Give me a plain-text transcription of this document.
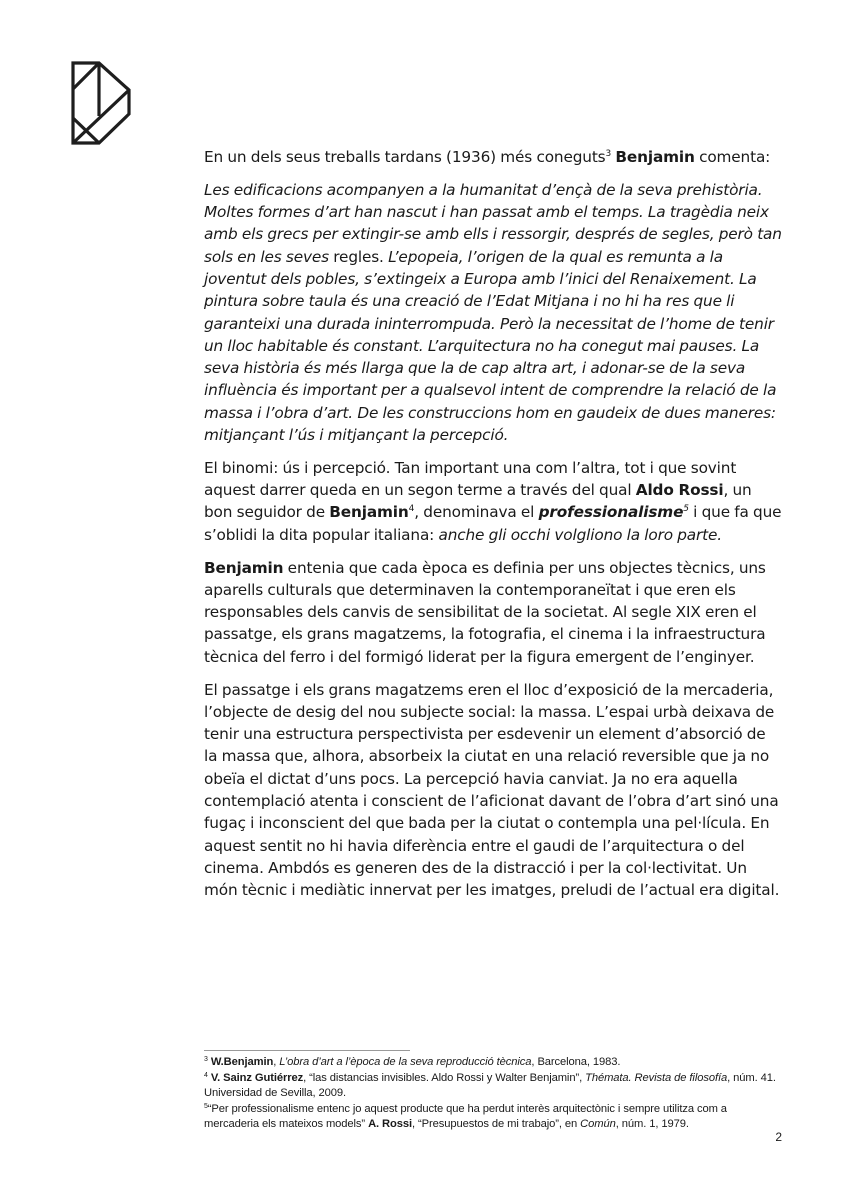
En un dels seus treballs tardans (1936) més coneguts$^3$ Benjamin comenta:

Les edificacions acompanyen a la humanitat d’ençà de la seva prehistòria. Moltes formes d’art han nascut i han passat amb el temps. La tragèdia neix amb els grecs per extingir-se amb ells i ressorgir, després de segles, però tan sols en les seves regles. L’epopeia, l’origen de la qual es remunta a la joventut dels pobles, s’extingeix a Europa amb l’inici del Renaixement. La pintura sobre taula és una creació de l’Edat Mitjana i no hi ha res que li garanteixi una durada ininterrompuda. Però la necessitat de l’home de tenir un lloc habitable és constant. L’arquitectura no ha conegut mai pauses. La seva història és més llarga que la de cap altra art, i adonar-se de la seva influència és important per a qualsevol intent de comprendre la relació de la massa i l’obra d’art. De les construccions hom en gaudeix de dues maneres: mitjançant l’ús i mitjançant la percepció.

El binomi: ús i percepció. Tan important una com l’altra, tot i que sovint aquest darrer queda en un segon terme a través del qual Aldo Rossi, un bon seguidor de Benjamin$^4$, denominava el professionalisme$^5$ i que fa que s’oblidi la dita popular italiana: anche gli occhi volgliono la loro parte.

Benjamin entenia que cada època es definia per uns objectes tècnics, uns aparells culturals que determinaven la contemporaneïtat i que eren els responsables dels canvis de sensibilitat de la societat. Al segle XIX eren el passatge, els grans magatzems, la fotografia, el cinema i la infraestructura tècnica del ferro i del formigó liderat per la figura emergent de l’enginyer.

El passatge i els grans magatzems eren el lloc d’exposició de la mercaderia, l’objecte de desig del nou subjecte social: la massa. L’espai urbà deixava de tenir una estructura perspectivista per esdevenir un element d’absorció de la massa que, alhora, absorbeix la ciutat en una relació reversible que ja no obeïa el dictat d’uns pocs. La percepció havia canviat. Ja no era aquella contemplació atenta i conscient de l’aficionat davant de l’obra d’art sinó una fugaç i inconscient del que bada per la ciutat o contempla una pel·lícula. En aquest sentit no hi havia diferència entre el gaudi de l’arquitectura o del cinema. Ambdós es generen des de la distracció i per la col·lectivitat. Un món tècnic i mediàtic innervat per les imatges, preludi de l’actual era digital.

$^3$ W.Benjamin, L’obra d’art a l’època de la seva reproducció tècnica, Barcelona, 1983.

$^4$ V. Sainz Gutiérrez, “las distancias invisibles. Aldo Rossi y Walter Benjamin”, Thémata. Revista de filosofía, núm. 41. Universidad de Sevilla, 2009.

$^5$“Per professionalisme entenc jo aquest producte que ha perdut interès arquitectònic i sempre utilitza com a mercaderia els mateixos models” A. Rossi, “Presupuestos de mi trabajo”, en Común, núm. 1, 1979.

2
